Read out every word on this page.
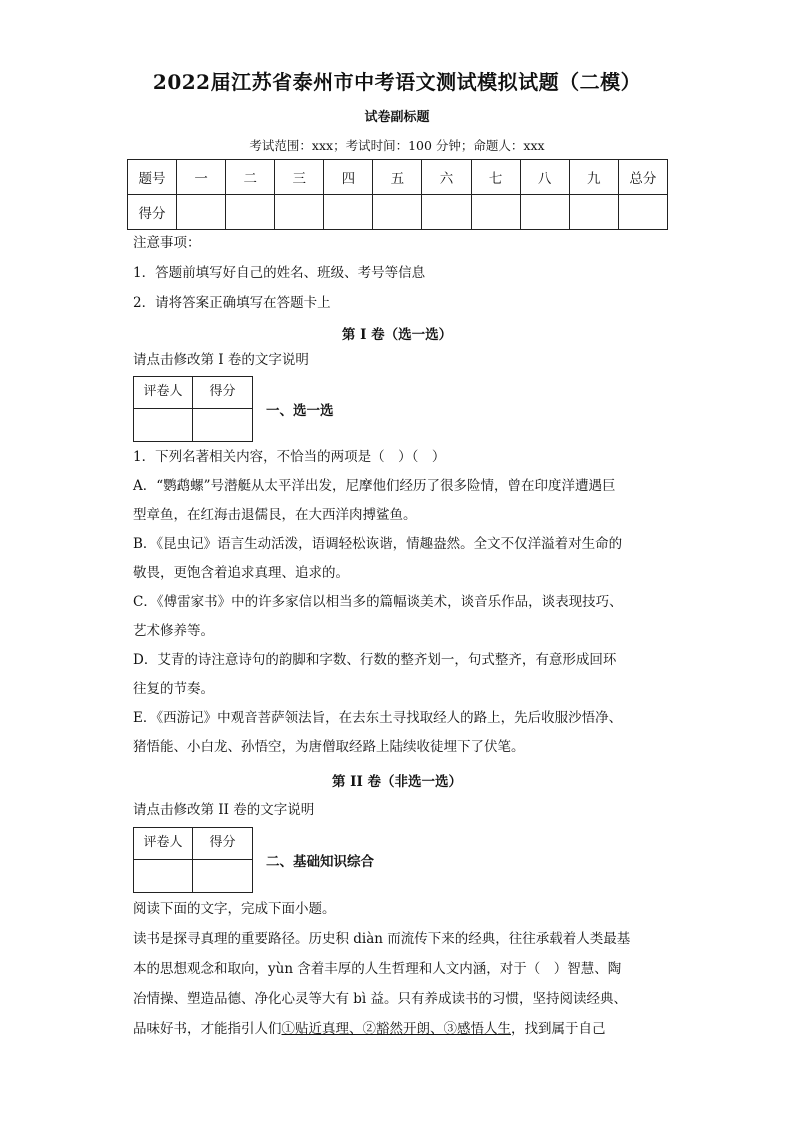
2022届江苏省泰州市中考语文测试模拟试题（二模）
试卷副标题
考试范围：xxx；考试时间：100 分钟；命题人：xxx
题号	一	二	三	四	五	六	七	八	九	总分
得分										
注意事项：
1．答题前填写好自己的姓名、班级、考号等信息
2．请将答案正确填写在答题卡上
第 I 卷（选一选）
请点击修改第 I 卷的文字说明
评卷人	得分
一、选一选
1．下列名著相关内容，不恰当的两项是（　）（　）
A．“鹦鹉螺”号潜艇从太平洋出发，尼摩他们经历了很多险情，曾在印度洋遭遇巨
型章鱼，在红海击退儒艮，在大西洋肉搏鲨鱼。
B．《昆虫记》语言生动活泼，语调轻松诙谐，情趣盎然。全文不仅洋溢着对生命的
敬畏，更饱含着追求真理、追求的。
C．《傅雷家书》中的许多家信以相当多的篇幅谈美术，谈音乐作品，谈表现技巧、
艺术修养等。
D．艾青的诗注意诗句的韵脚和字数、行数的整齐划一，句式整齐，有意形成回环
往复的节奏。
E．《西游记》中观音菩萨领法旨，在去东土寻找取经人的路上，先后收服沙悟净、
猪悟能、小白龙、孙悟空，为唐僧取经路上陆续收徒埋下了伏笔。
第 II 卷（非选一选）
请点击修改第 II 卷的文字说明
评卷人	得分
二、基础知识综合
阅读下面的文字，完成下面小题。
读书是探寻真理的重要路径。历史积 diàn 而流传下来的经典，往往承载着人类最基
本的思想观念和取向，yùn 含着丰厚的人生哲理和人文内涵，对于（　）智慧、陶
冶情操、塑造品德、净化心灵等大有 bì 益。只有养成读书的习惯，坚持阅读经典、
品味好书，才能指引人们①贴近真理、②豁然开朗、③感悟人生，找到属于自己
